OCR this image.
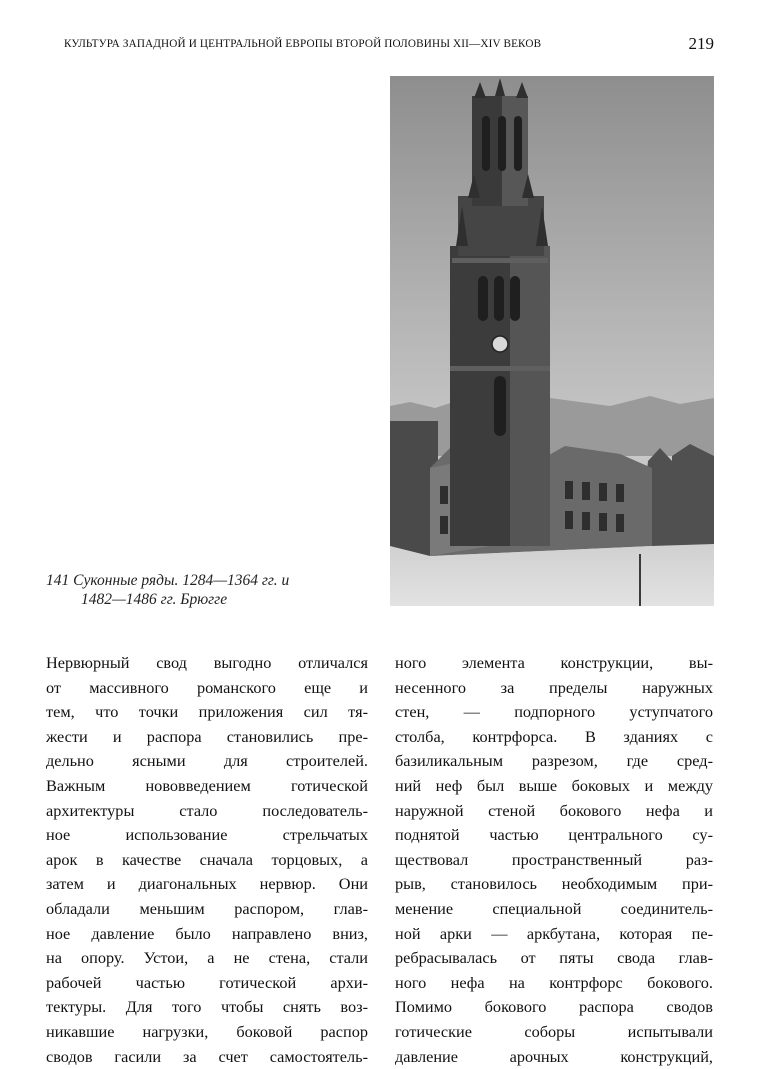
КУЛЬТУРА ЗАПАДНОЙ И ЦЕНТРАЛЬНОЙ ЕВРОПЫ ВТОРОЙ ПОЛОВИНЫ XII—XIV ВЕКОВ	219
141 Суконные ряды. 1284—1364 гг. и
1482—1486 гг. Брюгге
Нервюрный свод выгодно отличался
от массивного романского еще и
тем, что точки приложения сил тя-
жести и распора становились пре-
дельно ясными для строителей.
Важным нововведением готической
архитектуры стало последователь-
ное использование стрельчатых
арок в качестве сначала торцовых, а
затем и диагональных нервюр. Они
обладали меньшим распором, глав-
ное давление было направлено вниз,
на опору. Устои, а не стена, стали
рабочей частью готической архи-
тектуры. Для того чтобы снять воз-
никавшие нагрузки, боковой распор
сводов гасили за счет самостоятель-
ного элемента конструкции, вы-
несенного за пределы наружных
стен, — подпорного уступчатого
столба, контрфорса. В зданиях с
базиликальным разрезом, где сред-
ний неф был выше боковых и между
наружной стеной бокового нефа и
поднятой частью центрального су-
ществовал пространственный раз-
рыв, становилось необходимым при-
менение специальной соединитель-
ной арки — аркбутана, которая пе-
ребрасывалась от пяты свода глав-
ного нефа на контрфорс бокового.
Помимо бокового распора сводов
готические соборы испытывали
давление арочных конструкций,
